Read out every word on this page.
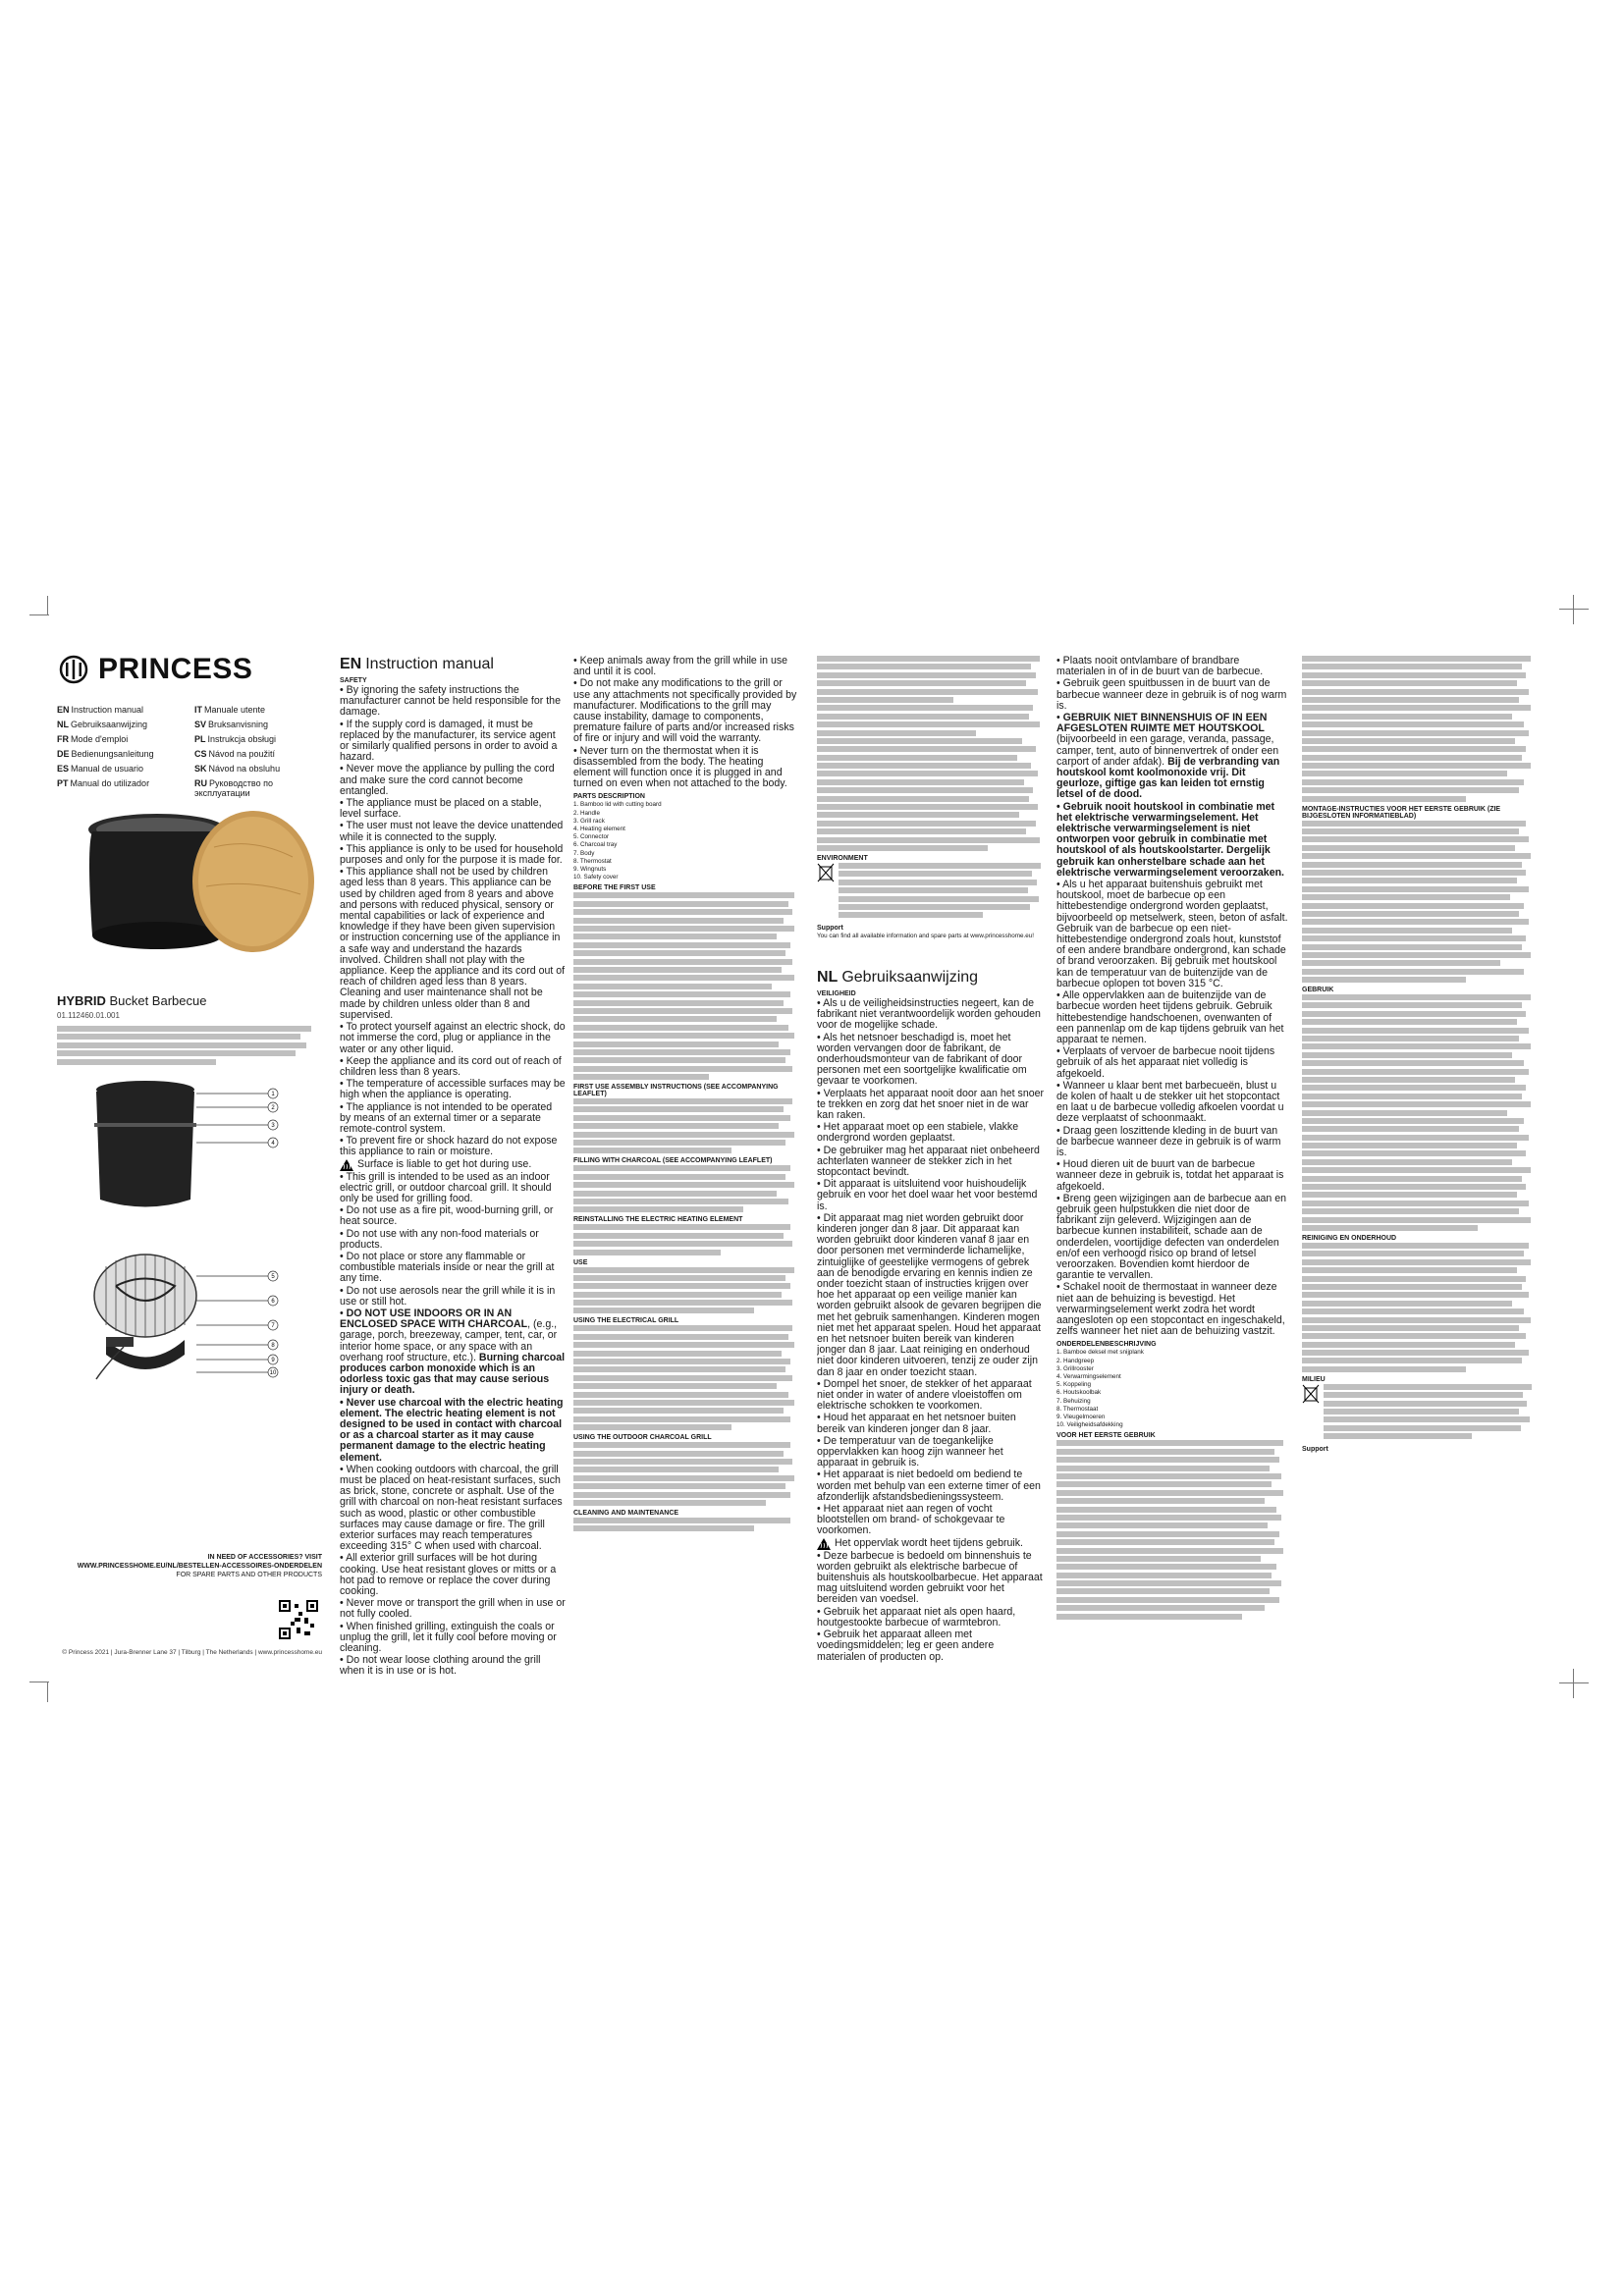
PRINCESS
EN Instruction manual	IT Manuale utente
NL Gebruiksaanwijzing	SV Bruksanvisning
FR Mode d'emploi	PL Instrukcja obsługi
DE Bedienungsanleitung	CS Návod na použití
ES Manual de usuario	SK Návod na obsluhu
PT Manual do utilizador	RU Руководство по эксплуатации
HYBRID Bucket Barbecue
01.112460.01.001
1
2
3
4
5
6
7
8
9
10
IN NEED OF ACCESSORIES? VISIT
WWW.PRINCESSHOME.EU/NL/BESTELLEN-ACCESSOIRES-ONDERDELEN
FOR SPARE PARTS AND OTHER PRODUCTS
© Princess 2021 | Jura-Brenner Lane 37 | Tilburg | The Netherlands | www.princesshome.eu
EN Instruction manual
SAFETY

• By ignoring the safety instructions the manufacturer cannot be held responsible for the damage.

• If the supply cord is damaged, it must be replaced by the manufacturer, its service agent or similarly qualified persons in order to avoid a hazard.

• Never move the appliance by pulling the cord and make sure the cord cannot become entangled.

• The appliance must be placed on a stable, level surface.

• The user must not leave the device unattended while it is connected to the supply.

• This appliance is only to be used for household purposes and only for the purpose it is made for.

• This appliance shall not be used by children aged less than 8 years. This appliance can be used by children aged from 8 years and above and persons with reduced physical, sensory or mental capabilities or lack of experience and knowledge if they have been given supervision or instruction concerning use of the appliance in a safe way and understand the hazards involved. Children shall not play with the appliance. Keep the appliance and its cord out of reach of children aged less than 8 years. Cleaning and user maintenance shall not be made by children unless older than 8 and supervised.

• To protect yourself against an electric shock, do not immerse the cord, plug or appliance in the water or any other liquid.

• Keep the appliance and its cord out of reach of children less than 8 years.

• The temperature of accessible surfaces may be high when the appliance is operating.

• The appliance is not intended to be operated by means of an external timer or a separate remote-control system.

• To prevent fire or shock hazard do not expose this appliance to rain or moisture.

Surface is liable to get hot during use.

• This grill is intended to be used as an indoor electric grill, or outdoor charcoal grill. It should only be used for grilling food.

• Do not use as a fire pit, wood-burning grill, or heat source.

• Do not use with any non-food materials or products.

• Do not place or store any flammable or combustible materials inside or near the grill at any time.

• Do not use aerosols near the grill while it is in use or still hot.

• DO NOT USE INDOORS OR IN AN ENCLOSED SPACE WITH CHARCOAL, (e.g., garage, porch, breezeway, camper, tent, car, or interior home space, or any space with an overhang roof structure, etc.). Burning charcoal produces carbon monoxide which is an odorless toxic gas that may cause serious injury or death.

• Never use charcoal with the electric heating element. The electric heating element is not designed to be used in contact with charcoal or as a charcoal starter as it may cause permanent damage to the electric heating element.

• When cooking outdoors with charcoal, the grill must be placed on heat-resistant surfaces, such as brick, stone, concrete or asphalt. Use of the grill with charcoal on non-heat resistant surfaces such as wood, plastic or other combustible surfaces may cause damage or fire. The grill exterior surfaces may reach temperatures exceeding 315° C when used with charcoal.

• All exterior grill surfaces will be hot during cooking. Use heat resistant gloves or mitts or a hot pad to remove or replace the cover during cooking.

• Never move or transport the grill when in use or not fully cooled.

• When finished grilling, extinguish the coals or unplug the grill, let it fully cool before moving or cleaning.

• Do not wear loose clothing around the grill when it is in use or is hot.

• Keep animals away from the grill while in use and until it is cool.

• Do not make any modifications to the grill or use any attachments not specifically provided by manufacturer. Modifications to the grill may cause instability, damage to components, premature failure of parts and/or increased risks of fire or injury and will void the warranty.

• Never turn on the thermostat when it is disassembled from the body. The heating element will function once it is plugged in and turned on even when not attached to the body.

PARTS DESCRIPTION

1. Bamboo lid with cutting board

2. Handle

3. Grill rack

4. Heating element

5. Connector

6. Charcoal tray

7. Body

8. Thermostat

9. Wingnuts

10. Safety cover

BEFORE THE FIRST USE
FIRST USE ASSEMBLY INSTRUCTIONS (SEE ACCOMPANYING LEAFLET)
FILLING WITH CHARCOAL (SEE ACCOMPANYING LEAFLET)
REINSTALLING THE ELECTRIC HEATING ELEMENT
USE
USING THE ELECTRICAL GRILL
USING THE OUTDOOR CHARCOAL GRILL
CLEANING AND MAINTENANCE
ENVIRONMENT
Support

You can find all available information and spare parts at www.princesshome.eu!

NL Gebruiksaanwijzing
VEILIGHEID

• Als u de veiligheidsinstructies negeert, kan de fabrikant niet verantwoordelijk worden gehouden voor de mogelijke schade.

• Als het netsnoer beschadigd is, moet het worden vervangen door de fabrikant, de onderhoudsmonteur van de fabrikant of door personen met een soortgelijke kwalificatie om gevaar te voorkomen.

• Verplaats het apparaat nooit door aan het snoer te trekken en zorg dat het snoer niet in de war kan raken.

• Het apparaat moet op een stabiele, vlakke ondergrond worden geplaatst.

• De gebruiker mag het apparaat niet onbeheerd achterlaten wanneer de stekker zich in het stopcontact bevindt.

• Dit apparaat is uitsluitend voor huishoudelijk gebruik en voor het doel waar het voor bestemd is.

• Dit apparaat mag niet worden gebruikt door kinderen jonger dan 8 jaar. Dit apparaat kan worden gebruikt door kinderen vanaf 8 jaar en door personen met verminderde lichamelijke, zintuiglijke of geestelijke vermogens of gebrek aan de benodigde ervaring en kennis indien ze onder toezicht staan of instructies krijgen over hoe het apparaat op een veilige manier kan worden gebruikt alsook de gevaren begrijpen die met het gebruik samenhangen. Kinderen mogen niet met het apparaat spelen. Houd het apparaat en het netsnoer buiten bereik van kinderen jonger dan 8 jaar. Laat reiniging en onderhoud niet door kinderen uitvoeren, tenzij ze ouder zijn dan 8 jaar en onder toezicht staan.

• Dompel het snoer, de stekker of het apparaat niet onder in water of andere vloeistoffen om elektrische schokken te voorkomen.

• Houd het apparaat en het netsnoer buiten bereik van kinderen jonger dan 8 jaar.

• De temperatuur van de toegankelijke oppervlakken kan hoog zijn wanneer het apparaat in gebruik is.

• Het apparaat is niet bedoeld om bediend te worden met behulp van een externe timer of een afzonderlijk afstandsbedieningssysteem.

• Het apparaat niet aan regen of vocht blootstellen om brand- of schokgevaar te voorkomen.

Het oppervlak wordt heet tijdens gebruik.

• Deze barbecue is bedoeld om binnenshuis te worden gebruikt als elektrische barbecue of buitenshuis als houtskoolbarbecue. Het apparaat mag uitsluitend worden gebruikt voor het bereiden van voedsel.

• Gebruik het apparaat niet als open haard, houtgestookte barbecue of warmtebron.

• Gebruik het apparaat alleen met voedingsmiddelen; leg er geen andere materialen of producten op.

• Plaats nooit ontvlambare of brandbare materialen in of in de buurt van de barbecue.

• Gebruik geen spuitbussen in de buurt van de barbecue wanneer deze in gebruik is of nog warm is.

• GEBRUIK NIET BINNENSHUIS OF IN EEN AFGESLOTEN RUIMTE MET HOUTSKOOL (bijvoorbeeld in een garage, veranda, passage, camper, tent, auto of binnenvertrek of onder een carport of ander afdak). Bij de verbranding van houtskool komt koolmonoxide vrij. Dit geurloze, giftige gas kan leiden tot ernstig letsel of de dood.

• Gebruik nooit houtskool in combinatie met het elektrische verwarmingselement. Het elektrische verwarmingselement is niet ontworpen voor gebruik in combinatie met houtskool of als houtskoolstarter. Dergelijk gebruik kan onherstelbare schade aan het elektrische verwarmingselement veroorzaken.

• Als u het apparaat buitenshuis gebruikt met houtskool, moet de barbecue op een hittebestendige ondergrond worden geplaatst, bijvoorbeeld op metselwerk, steen, beton of asfalt. Gebruik van de barbecue op een niet-hittebestendige ondergrond zoals hout, kunststof of een andere brandbare ondergrond, kan schade of brand veroorzaken. Bij gebruik met houtskool kan de temperatuur van de buitenzijde van de barbecue oplopen tot boven 315 °C.

• Alle oppervlakken aan de buitenzijde van de barbecue worden heet tijdens gebruik. Gebruik hittebestendige handschoenen, ovenwanten of een pannenlap om de kap tijdens gebruik van het apparaat te nemen.

• Verplaats of vervoer de barbecue nooit tijdens gebruik of als het apparaat niet volledig is afgekoeld.

• Wanneer u klaar bent met barbecueën, blust u de kolen of haalt u de stekker uit het stopcontact en laat u de barbecue volledig afkoelen voordat u deze verplaatst of schoonmaakt.

• Draag geen loszittende kleding in de buurt van de barbecue wanneer deze in gebruik is of warm is.

• Houd dieren uit de buurt van de barbecue wanneer deze in gebruik is, totdat het apparaat is afgekoeld.

• Breng geen wijzigingen aan de barbecue aan en gebruik geen hulpstukken die niet door de fabrikant zijn geleverd. Wijzigingen aan de barbecue kunnen instabiliteit, schade aan de onderdelen, voortijdige defecten van onderdelen en/of een verhoogd risico op brand of letsel veroorzaken. Bovendien komt hierdoor de garantie te vervallen.

• Schakel nooit de thermostaat in wanneer deze niet aan de behuizing is bevestigd. Het verwarmingselement werkt zodra het wordt aangesloten op een stopcontact en ingeschakeld, zelfs wanneer het niet aan de behuizing vastzit.

ONDERDELENBESCHRIJVING

1. Bamboe deksel met snijplank

2. Handgreep

3. Grillrooster

4. Verwarmingselement

5. Koppeling

6. Houtskoolbak

7. Behuizing

8. Thermostaat

9. Vleugelmoeren

10. Veiligheidsafdekking

VOOR HET EERSTE GEBRUIK
MONTAGE-INSTRUCTIES VOOR HET EERSTE GEBRUIK (ZIE BIJGESLOTEN INFORMATIEBLAD)
GEBRUIK
REINIGING EN ONDERHOUD
MILIEU
Support
